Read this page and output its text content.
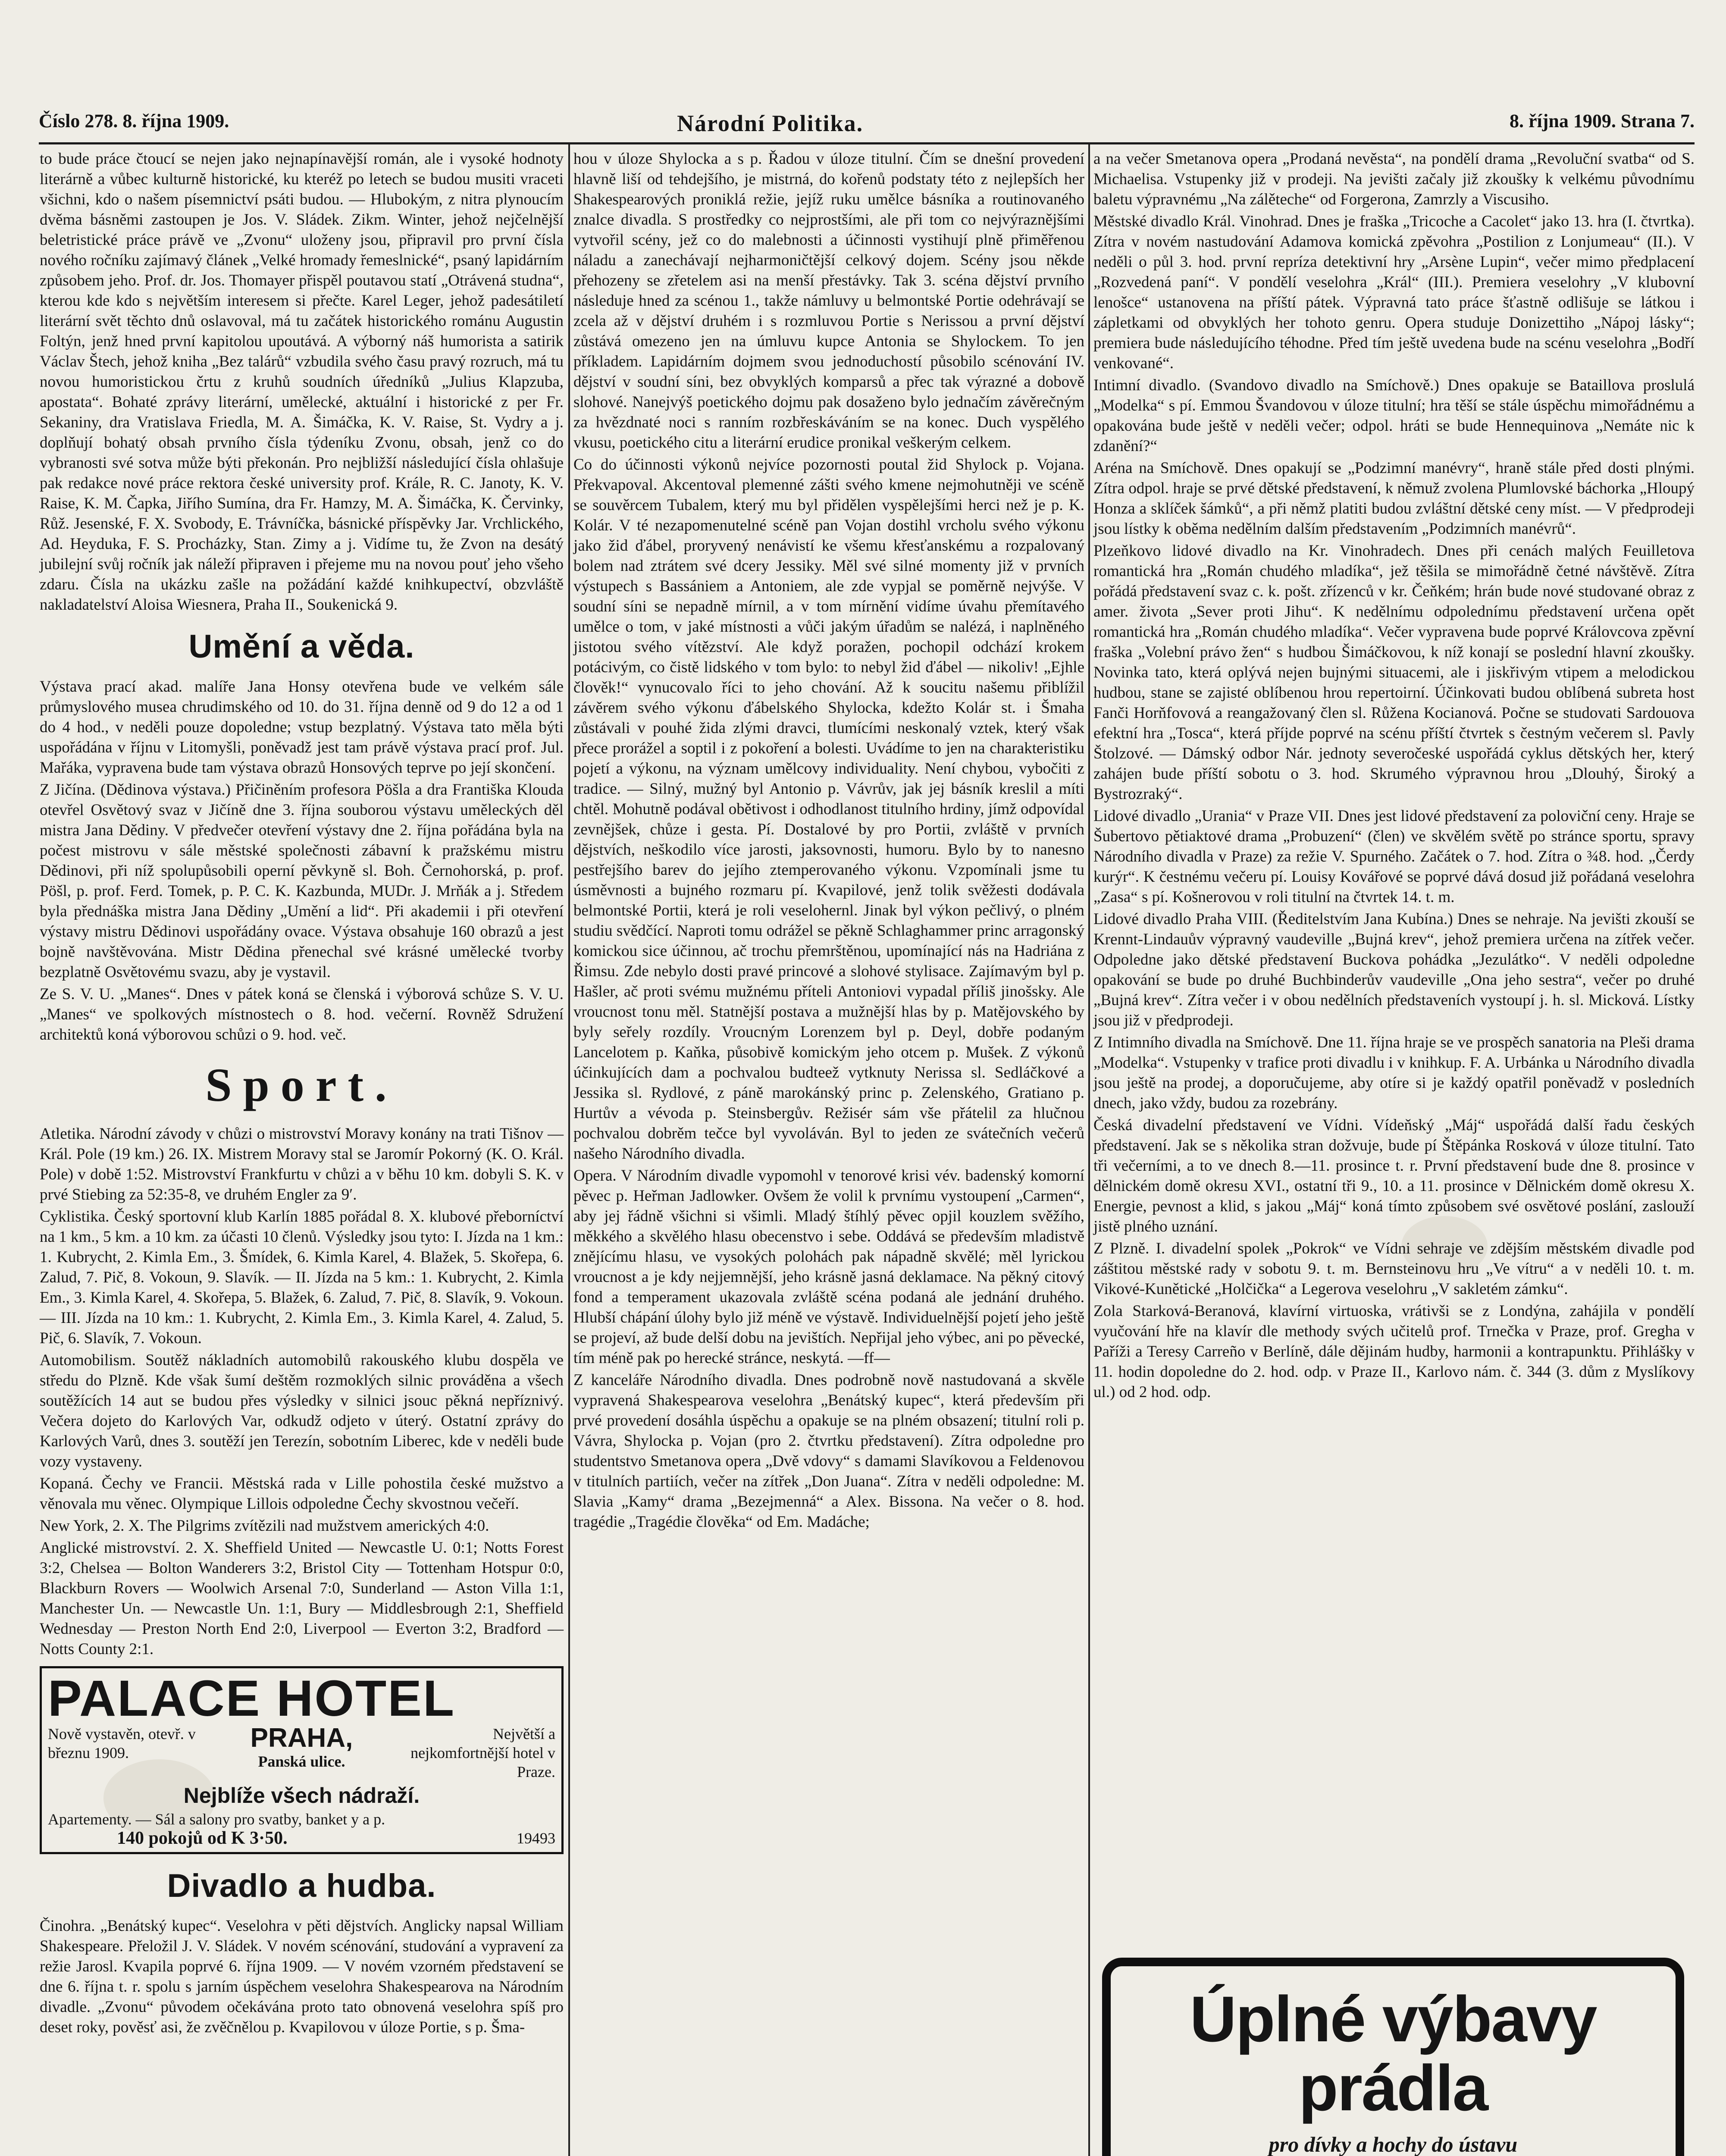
Číslo 278. 8. října 1909.	Národní Politika.	8. října 1909. Strana 7.

to bude práce čtoucí se nejen jako nejnapínavější román, ale i vysoké hodnoty literárně a vůbec kulturně historické, ku kteréž po letech se budou musiti vraceti všichni, kdo o našem písemnictví psáti budou. — Hlubokým, z nitra plynoucím dvěma básněmi zastoupen je Jos. V. Sládek. Zikm. Winter, jehož nejčelnější beletristické práce právě ve „Zvonu“ uloženy jsou, připravil pro první čísla nového ročníku zajímavý článek „Velké hromady řemeslnické“, psaný lapidárním způsobem jeho. Prof. dr. Jos. Thomayer přispěl poutavou statí „Otrávená studna“, kterou kde kdo s největším interesem si přečte. Karel Leger, jehož padesátiletí literární svět těchto dnů oslavoval, má tu začátek historického románu Augustin Foltýn, jenž hned první kapitolou upoutává. A výborný náš humorista a satirik Václav Štech, jehož kniha „Bez talárů“ vzbudila svého času pravý rozruch, má tu novou humoristickou črtu z kruhů soudních úředníků „Julius Klapzuba, apostata“. Bohaté zprávy literární, umělecké, aktuální i historické z per Fr. Sekaniny, dra Vratislava Friedla, M. A. Šimáčka, K. V. Raise, St. Vydry a j. doplňují bohatý obsah prvního čísla týdeníku Zvonu, obsah, jenž co do vybranosti své sotva může býti překonán. Pro nejbližší následující čísla ohlašuje pak redakce nové práce rektora české university prof. Krále, R. C. Janoty, K. V. Raise, K. M. Čapka, Jiřího Sumína, dra Fr. Hamzy, M. A. Šimáčka, K. Červinky, Růž. Jesenské, F. X. Svobody, E. Trávníčka, básnické příspěvky Jar. Vrchlického, Ad. Heyduka, F. S. Procházky, Stan. Zimy a j. Vidíme tu, že Zvon na desátý jubilejní svůj ročník jak náleží připraven i přejeme mu na novou pouť jeho všeho zdaru. Čísla na ukázku zašle na požádání každé knihkupectví, obzvláště nakladatelství Aloisa Wiesnera, Praha II., Soukenická 9.

Umění a věda.

Výstava prací akad. malíře Jana Honsy otevřena bude ve velkém sále průmyslového musea chrudimského od 10. do 31. října denně od 9 do 12 a od 1 do 4 hod., v neděli pouze dopoledne; vstup bezplatný. Výstava tato měla býti uspořádána v říjnu v Litomyšli, poněvadž jest tam právě výstava prací prof. Jul. Mařáka, vypravena bude tam výstava obrazů Honsových teprve po její skončení.

Z Jičína. (Dědinova výstava.) Přičiněním profesora Pöšla a dra Františka Klouda otevřel Osvětový svaz v Jičíně dne 3. října souborou výstavu uměleckých děl mistra Jana Dědiny. V předvečer otevření výstavy dne 2. října pořádána byla na počest mistrovu v sále městské společnosti zábavní k pražskému mistru Dědinovi, při níž spolupůsobili operní pěvkyně sl. Boh. Černohorská, p. prof. Pöšl, p. prof. Ferd. Tomek, p. P. C. K. Kazbunda, MUDr. J. Mrňák a j. Středem byla přednáška mistra Jana Dědiny „Umění a lid“. Při akademii i při otevření výstavy mistru Dědinovi uspořádány ovace. Výstava obsahuje 160 obrazů a jest bojně navštěvována. Mistr Dědina přenechal své krásné umělecké tvorby bezplatně Osvětovému svazu, aby je vystavil.

Ze S. V. U. „Manes“. Dnes v pátek koná se členská i výborová schůze S. V. U. „Manes“ ve spolkových místnostech o 8. hod. večerní. Rovněž Sdružení architektů koná výborovou schůzi o 9. hod. več.

Sport.

Atletika. Národní závody v chůzi o mistrovství Moravy konány na trati Tišnov — Král. Pole (19 km.) 26. IX. Mistrem Moravy stal se Jaromír Pokorný (K. O. Král. Pole) v době 1:52. Mistrovství Frankfurtu v chůzi a v běhu 10 km. dobyli S. K. v prvé Stiebing za 52:35-8, ve druhém Engler za 9′.

Cyklistika. Český sportovní klub Karlín 1885 pořádal 8. X. klubové přeborníctví na 1 km., 5 km. a 10 km. za účasti 10 členů. Výsledky jsou tyto: I. Jízda na 1 km.: 1. Kubrycht, 2. Kimla Em., 3. Šmídek, 6. Kimla Karel, 4. Blažek, 5. Skořepa, 6. Zalud, 7. Pič, 8. Vokoun, 9. Slavík. — II. Jízda na 5 km.: 1. Kubrycht, 2. Kimla Em., 3. Kimla Karel, 4. Skořepa, 5. Blažek, 6. Zalud, 7. Pič, 8. Slavík, 9. Vokoun. — III. Jízda na 10 km.: 1. Kubrycht, 2. Kimla Em., 3. Kimla Karel, 4. Zalud, 5. Pič, 6. Slavík, 7. Vokoun.

Automobilism. Soutěž nákladních automobilů rakouského klubu dospěla ve středu do Plzně. Kde však šumí deštěm rozmoklých silnic prováděna a všech soutěžících 14 aut se budou přes výsledky v silnici jsouc pěkná nepříznivý. Večera dojeto do Karlových Var, odkudž odjeto v úterý. Ostatní zprávy do Karlových Varů, dnes 3. soutěží jen Terezín, sobotním Liberec, kde v neděli bude vozy vystaveny.

Kopaná. Čechy ve Francii. Městská rada v Lille pohostila české mužstvo a věnovala mu věnec. Olympique Lillois odpoledne Čechy skvostnou večeří.

New York, 2. X. The Pilgrims zvítězili nad mužstvem amerických 4:0.

Anglické mistrovství. 2. X. Sheffield United — Newcastle U. 0:1; Notts Forest 3:2, Chelsea — Bolton Wanderers 3:2, Bristol City — Tottenham Hotspur 0:0, Blackburn Rovers — Woolwich Arsenal 7:0, Sunderland — Aston Villa 1:1, Manchester Un. — Newcastle Un. 1:1, Bury — Middlesbrough 2:1, Sheffield Wednesday — Preston North End 2:0, Liverpool — Everton 3:2, Bradford — Notts County 2:1.

PALACE HOTEL
Nově vystavěn, otevř. v březnu 1909.	PRAHA,
Panská ulice.
Největší a nejkomfortnější hotel v Praze.
Nejblíže všech nádraží.
Apartementy. — Sál a salony pro svatby, banket y a p.
140 pokojů od K 3·50.	19493
Divadlo a hudba.

Činohra. „Benátský kupec“. Veselohra v pěti dějstvích. Anglicky napsal William Shakespeare. Přeložil J. V. Sládek. V novém scénování, studování a vypravení za režie Jarosl. Kvapila poprvé 6. října 1909. — V novém vzorném představení se dne 6. října t. r. spolu s jarním úspěchem veselohra Shakespearova na Národním divadle. „Zvonu“ původem očekávána proto tato obnovená veselohra spíš pro deset roky, pověsť asi, že zvěčnělou p. Kvapilovou v úloze Portie, s p. Šma-

hou v úloze Shylocka a s p. Řadou v úloze titulní. Čím se dnešní provedení hlavně liší od tehdejšího, je mistrná, do kořenů podstaty této z nejlepších her Shakespearových proniklá režie, jejíž ruku umělce básníka a routinovaného znalce divadla. S prostředky co nejprostšími, ale při tom co nejvýraznějšími vytvořil scény, jež co do malebnosti a účinnosti vystihují plně přiměřenou náladu a zanechávají nejharmoničtější celkový dojem. Scény jsou někde přehozeny se zřetelem asi na menší přestávky. Tak 3. scéna dějství prvního následuje hned za scénou 1., takže námluvy u belmontské Portie odehrávají se zcela až v dějství druhém i s rozmluvou Portie s Nerissou a první dějství zůstává omezeno jen na úmluvu kupce Antonia se Shylockem. To jen příkladem. Lapidárním dojmem svou jednoduchostí působilo scénování IV. dějství v soudní síni, bez obvyklých komparsů a přec tak výrazné a dobově slohové. Nanejvýš poetického dojmu pak dosaženo bylo jednačím závěrečným za hvězdnaté noci s ranním rozbřeskáváním se na konec. Duch vyspělého vkusu, poetického citu a literární erudice pronikal veškerým celkem.

Co do účinnosti výkonů nejvíce pozornosti poutal žid Shylock p. Vojana. Překvapoval. Akcentoval plemenné zášti svého kmene nejmohutněji ve scéně se souvěrcem Tubalem, který mu byl přidělen vyspělejšími herci než je p. K. Kolár. V té nezapomenutelné scéně pan Vojan dostihl vrcholu svého výkonu jako žid ďábel, proryvený nenávistí ke všemu křesťanskému a rozpalovaný bolem nad ztrátem své dcery Jessiky. Měl své silné momenty již v prvních výstupech s Bassániem a Antoniem, ale zde vypjal se poměrně nejvýše. V soudní síni se nepadně mírnil, a v tom mírnění vidíme úvahu přemítavého umělce o tom, v jaké místnosti a vůči jakým úřadům se nalézá, i naplněného jistotou svého vítězství. Ale když poražen, pochopil odchází krokem potácivým, co čistě lidského v tom bylo: to nebyl žid ďábel — nikoliv! „Ejhle člověk!“ vynucovalo říci to jeho chování. Až k soucitu našemu přiblížil závěrem svého výkonu ďábelského Shylocka, kdežto Kolár st. i Šmaha zůstávali v pouhé žida zlými dravci, tlumícími neskonalý vztek, který však přece prorážel a soptil i z pokoření a bolesti. Uvádíme to jen na charakteristiku pojetí a výkonu, na význam umělcovy individuality. Není chybou, vybočiti z tradice. — Silný, mužný byl Antonio p. Vávrův, jak jej básník kreslil a míti chtěl. Mohutně podával obětivost i odhodlanost titulního hrdiny, jímž odpovídal zevnějšek, chůze i gesta. Pí. Dostalové by pro Portii, zvláště v prvních dějstvích, neškodilo více jarosti, jaksovnosti, humoru. Bylo by to nanesno pestřejšího barev do jejího ztemperovaného výkonu. Vzpomínali jsme tu úsměvnosti a bujného rozmaru pí. Kvapilové, jenž tolik svěžesti dodávala belmontské Portii, která je roli veselohernl. Jinak byl výkon pečlivý, o plném studiu svědčící. Naproti tomu odrážel se pěkně Schlaghammer princ arragonský komickou sice účinnou, ač trochu přemrštěnou, upomínající nás na Hadriána z Řimsu. Zde nebylo dosti pravé princové a slohové stylisace. Zajímavým byl p. Hašler, ač proti svému mužnému příteli Antoniovi vypadal příliš jinošsky. Ale vroucnost tonu měl. Statnější postava a mužnější hlas by p. Matějovského by byly seřely rozdíly. Vroucným Lorenzem byl p. Deyl, dobře podaným Lancelotem p. Kaňka, působivě komickým jeho otcem p. Mušek. Z výkonů účinkujících dam a pochvalou budteež vytknuty Nerissa sl. Sedláčkové a Jessika sl. Rydlové, z páně marokánský princ p. Zelenského, Gratiano p. Hurtův a vévoda p. Steinsbergův. Režisér sám vše přátelil za hlučnou pochvalou dobrěm tečce byl vyvoláván. Byl to jeden ze svátečních večerů našeho Národního divadla.

Opera. V Národním divadle vypomohl v tenorové krisi vév. badenský komorní pěvec p. Heřman Jadlowker. Ovšem že volil k prvnímu vystoupení „Carmen“, aby jej řádně všichni si všimli. Mladý štíhlý pěvec opjil kouzlem svěžího, měkkého a skvělého hlasu obecenstvo i sebe. Oddává se především mladistvě znějícímu hlasu, ve vysokých polohách pak nápadně skvělé; měl lyrickou vroucnost a je kdy nejjemnější, jeho krásně jasná deklamace. Na pěkný citový fond a temperament ukazovala zvláště scéna podaná ale jednání druhého. Hlubší chápání úlohy bylo již méně ve výstavě. Individuelnější pojetí jeho ještě se projeví, až bude delší dobu na jevištích. Nepřijal jeho výbec, ani po pěvecké, tím méně pak po herecké stránce, neskytá. —ff—

Z kanceláře Národního divadla. Dnes podrobně nově nastudovaná a skvěle vypravená Shakespearova veselohra „Benátský kupec“, která především při prvé provedení dosáhla úspěchu a opakuje se na plném obsazení; titulní roli p. Vávra, Shylocka p. Vojan (pro 2. čtvrtku představení). Zítra odpoledne pro studentstvo Smetanova opera „Dvě vdovy“ s damami Slavíkovou a Feldenovou v titulních partiích, večer na zítřek „Don Juana“. Zítra v neděli odpoledne: M. Slavia „Kamy“ drama „Bezejmenná“ a Alex. Bissona. Na večer o 8. hod. tragédie „Tragédie člověka“ od Em. Madáche;

a na večer Smetanova opera „Prodaná nevěsta“, na pondělí drama „Revoluční svatba“ od S. Michaelisa. Vstupenky již v prodeji. Na jevišti začaly již zkoušky k velkému původnímu baletu výpravnému „Na zálěteche“ od Forgerona, Zamrzly a Viscusiho.

Městské divadlo Král. Vinohrad. Dnes je fraška „Tricoche a Cacolet“ jako 13. hra (I. čtvrtka). Zítra v novém nastudování Adamova komická zpěvohra „Postilion z Lonjumeau“ (II.). V neděli o půl 3. hod. první repríza detektivní hry „Arsène Lupin“, večer mimo předplacení „Rozvedená paní“. V pondělí veselohra „Král“ (III.). Premiera veselohry „V klubovní lenošce“ ustanovena na příští pátek. Výpravná tato práce šťastně odlišuje se látkou i zápletkami od obvyklých her tohoto genru. Opera studuje Donizettiho „Nápoj lásky“; premiera bude následujícího téhodne. Před tím ještě uvedena bude na scénu veselohra „Bodří venkované“.

Intimní divadlo. (Svandovo divadlo na Smíchově.) Dnes opakuje se Bataillova proslulá „Modelka“ s pí. Emmou Švandovou v úloze titulní; hra těší se stále úspěchu mimořádnému a opakována bude ještě v neděli večer; odpol. hráti se bude Hennequinova „Nemáte nic k zdanění?“

Aréna na Smíchově. Dnes opakují se „Podzimní manévry“, hraně stále před dosti plnými. Zítra odpol. hraje se prvé dětské představení, k němuž zvolena Plumlovské báchorka „Hloupý Honza a sklíček šámků“, a při němž platiti budou zvláštní dětské ceny míst. — V předprodeji jsou lístky k oběma nedělním dalším představením „Podzimních manévrů“.

Plzeňkovo lidové divadlo na Kr. Vinohradech. Dnes při cenách malých Feuilletova romantická hra „Román chudého mladíka“, jež těšila se mimořádně četné návštěvě. Zítra pořádá představení svaz c. k. pošt. zřízenců v kr. Čeňkém; hrán bude nové studované obraz z amer. života „Sever proti Jihu“. K nedělnímu odpolednímu představení určena opět romantická hra „Román chudého mladíka“. Večer vypravena bude poprvé Královcova zpěvní fraška „Volební právo žen“ s hudbou Šimáčkovou, k níž konají se poslední hlavní zkoušky. Novinka tato, která oplývá nejen bujnými situacemi, ale i jiskřivým vtipem a melodickou hudbou, stane se zajisté oblíbenou hrou repertoirní. Účinkovati budou oblíbená subreta host Fanči Horňfovová a reangažovaný člen sl. Růžena Kocianová. Počne se studovati Sardouova efektní hra „Tosca“, která příjde poprvé na scénu příští čtvrtek s čestným večerem sl. Pavly Štolzové. — Dámský odbor Nár. jednoty severočeské uspořádá cyklus dětských her, který zahájen bude příští sobotu o 3. hod. Skrumého výpravnou hrou „Dlouhý, Široký a Bystrozraký“.

Lidové divadlo „Urania“ v Praze VII. Dnes jest lidové představení za poloviční ceny. Hraje se Šubertovo pětiaktové drama „Probuzení“ (člen) ve skvělém světě po stránce sportu, spravy Národního divadla v Praze) za režie V. Spurného. Začátek o 7. hod. Zítra o ¾8. hod. „Čerdy kurýr“. K čestnému večeru pí. Louisy Kovářové se poprvé dává dosud již pořádaná veselohra „Zasa“ s pí. Košnerovou v roli titulní na čtvrtek 14. t. m.

Lidové divadlo Praha VIII. (Ředitelstvím Jana Kubína.) Dnes se nehraje. Na jevišti zkouší se Krennt-Lindauův výpravný vaudeville „Bujná krev“, jehož premiera určena na zítřek večer. Odpoledne jako dětské představení Buckova pohádka „Jezulátko“. V neděli odpoledne opakování se bude po druhé Buchbinderův vaudeville „Ona jeho sestra“, večer po druhé „Bujná krev“. Zítra večer i v obou nedělních představeních vystoupí j. h. sl. Micková. Lístky jsou již v předprodeji.

Z Intimního divadla na Smíchově. Dne 11. října hraje se ve prospěch sanatoria na Pleši drama „Modelka“. Vstupenky v trafice proti divadlu i v knihkup. F. A. Urbánka u Národního divadla jsou ještě na prodej, a doporučujeme, aby otíre si je každý opatřil poněvadž v posledních dnech, jako vždy, budou za rozebrány.

Česká divadelní představení ve Vídni. Vídeňský „Máj“ uspořádá další řadu českých představení. Jak se s několika stran dožvuje, bude pí Štěpánka Rosková v úloze titulní. Tato tři večerními, a to ve dnech 8.—11. prosince t. r. První představení bude dne 8. prosince v dělnickém domě okresu XVI., ostatní tři 9., 10. a 11. prosince v Dělnickém domě okresu X. Energie, pevnost a klid, s jakou „Máj“ koná tímto způsobem své osvětové poslání, zaslouží jistě plného uznání.

Z Plzně. I. divadelní spolek „Pokrok“ ve Vídni sehraje ve zdějším městském divadle pod záštitou městské rady v sobotu 9. t. m. Bernsteinovu hru „Ve vítru“ a v neděli 10. t. m. Vikové-Kunětické „Holčička“ a Legerova veselohru „V sakletém zámku“.

Zola Starková-Beranová, klavírní virtuoska, vrátivši se z Londýna, zahájila v pondělí vyučování hře na klavír dle methody svých učitelů prof. Trnečka v Praze, prof. Gregha v Paříži a Teresy Carreño v Berlíně, dále dějinám hudby, harmonii a kontrapunktu. Přihlášky v 11. hodin dopoledne do 2. hod. odp. v Praze II., Karlovo nám. č. 344 (3. dům z Myslíkovy ul.) od 2 hod. odp.

Úplné výbavy prádla
pro dívky a hochy do ústavu
